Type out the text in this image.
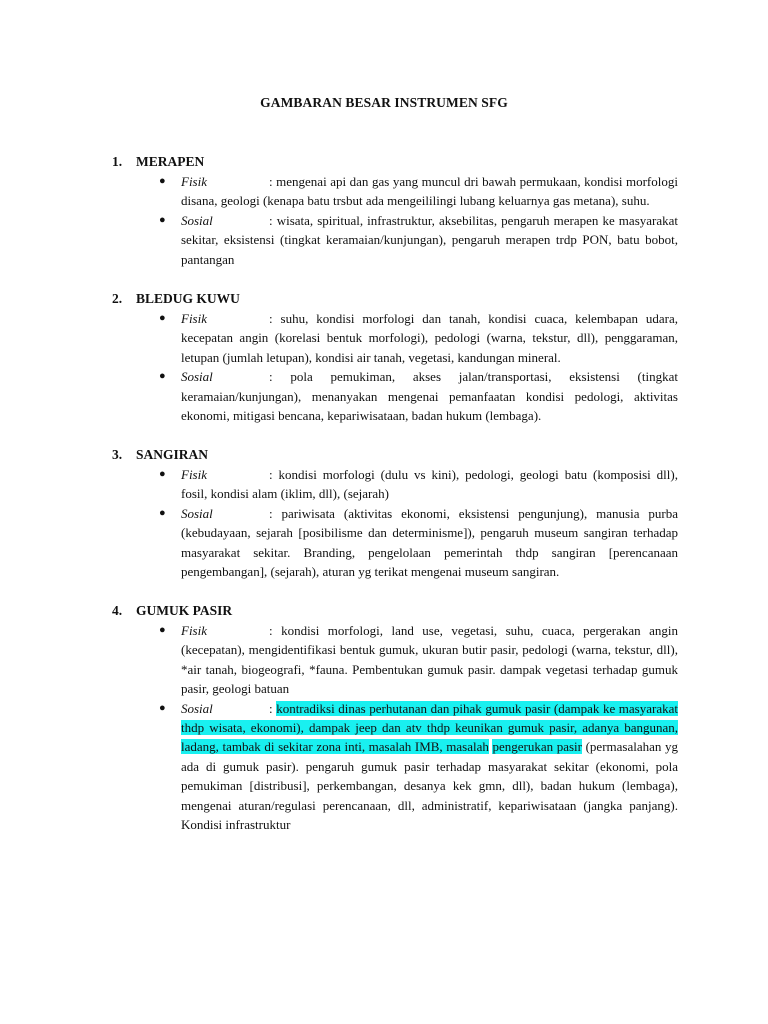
GAMBARAN BESAR INSTRUMEN SFG
1. MERAPEN
● Fisik	: mengenai api dan gas yang muncul dri bawah permukaan, kondisi morfologi disana, geologi (kenapa batu trsbut ada mengeililingi lubang keluarnya gas metana), suhu.
● Sosial	: wisata, spiritual, infrastruktur, aksebilitas, pengaruh merapen ke masyarakat sekitar, eksistensi (tingkat keramaian/kunjungan), pengaruh merapen trdp PON, batu bobot, pantangan
2. BLEDUG KUWU
● Fisik	: suhu, kondisi morfologi dan tanah, kondisi cuaca, kelembapan udara, kecepatan angin (korelasi bentuk morfologi), pedologi (warna, tekstur, dll), penggaraman, letupan (jumlah letupan), kondisi air tanah, vegetasi, kandungan mineral.
● Sosial	: pola pemukiman, akses jalan/transportasi, eksistensi (tingkat keramaian/kunjungan), menanyakan mengenai pemanfaatan kondisi pedologi, aktivitas ekonomi, mitigasi bencana, kepariwisataan, badan hukum (lembaga).
3. SANGIRAN
● Fisik	: kondisi morfologi (dulu vs kini), pedologi, geologi batu (komposisi dll), fosil, kondisi alam (iklim, dll), (sejarah)
● Sosial	: pariwisata (aktivitas ekonomi, eksistensi pengunjung), manusia purba (kebudayaan, sejarah [posibilisme dan determinisme]), pengaruh museum sangiran terhadap masyarakat sekitar. Branding, pengelolaan pemerintah thdp sangiran [perencanaan pengembangan], (sejarah), aturan yg terikat mengenai museum sangiran.
4. GUMUK PASIR
● Fisik	: kondisi morfologi, land use, vegetasi, suhu, cuaca, pergerakan angin (kecepatan), mengidentifikasi bentuk gumuk, ukuran butir pasir, pedologi (warna, tekstur, dll), *air tanah, biogeografi, *fauna. Pembentukan gumuk pasir. dampak vegetasi terhadap gumuk pasir, geologi batuan
● Sosial	: kontradiksi dinas perhutanan dan pihak gumuk pasir (dampak ke masyarakat thdp wisata, ekonomi), dampak jeep dan atv thdp keunikan gumuk pasir, adanya bangunan, ladang, tambak di sekitar zona inti, masalah IMB, masalah pengerukan pasir (permasalahan yg ada di gumuk pasir). pengaruh gumuk pasir terhadap masyarakat sekitar (ekonomi, pola pemukiman [distribusi], perkembangan, desanya kek gmn, dll), badan hukum (lembaga), mengenai aturan/regulasi perencanaan, dll, administratif, kepariwisataan (jangka panjang). Kondisi infrastruktur
